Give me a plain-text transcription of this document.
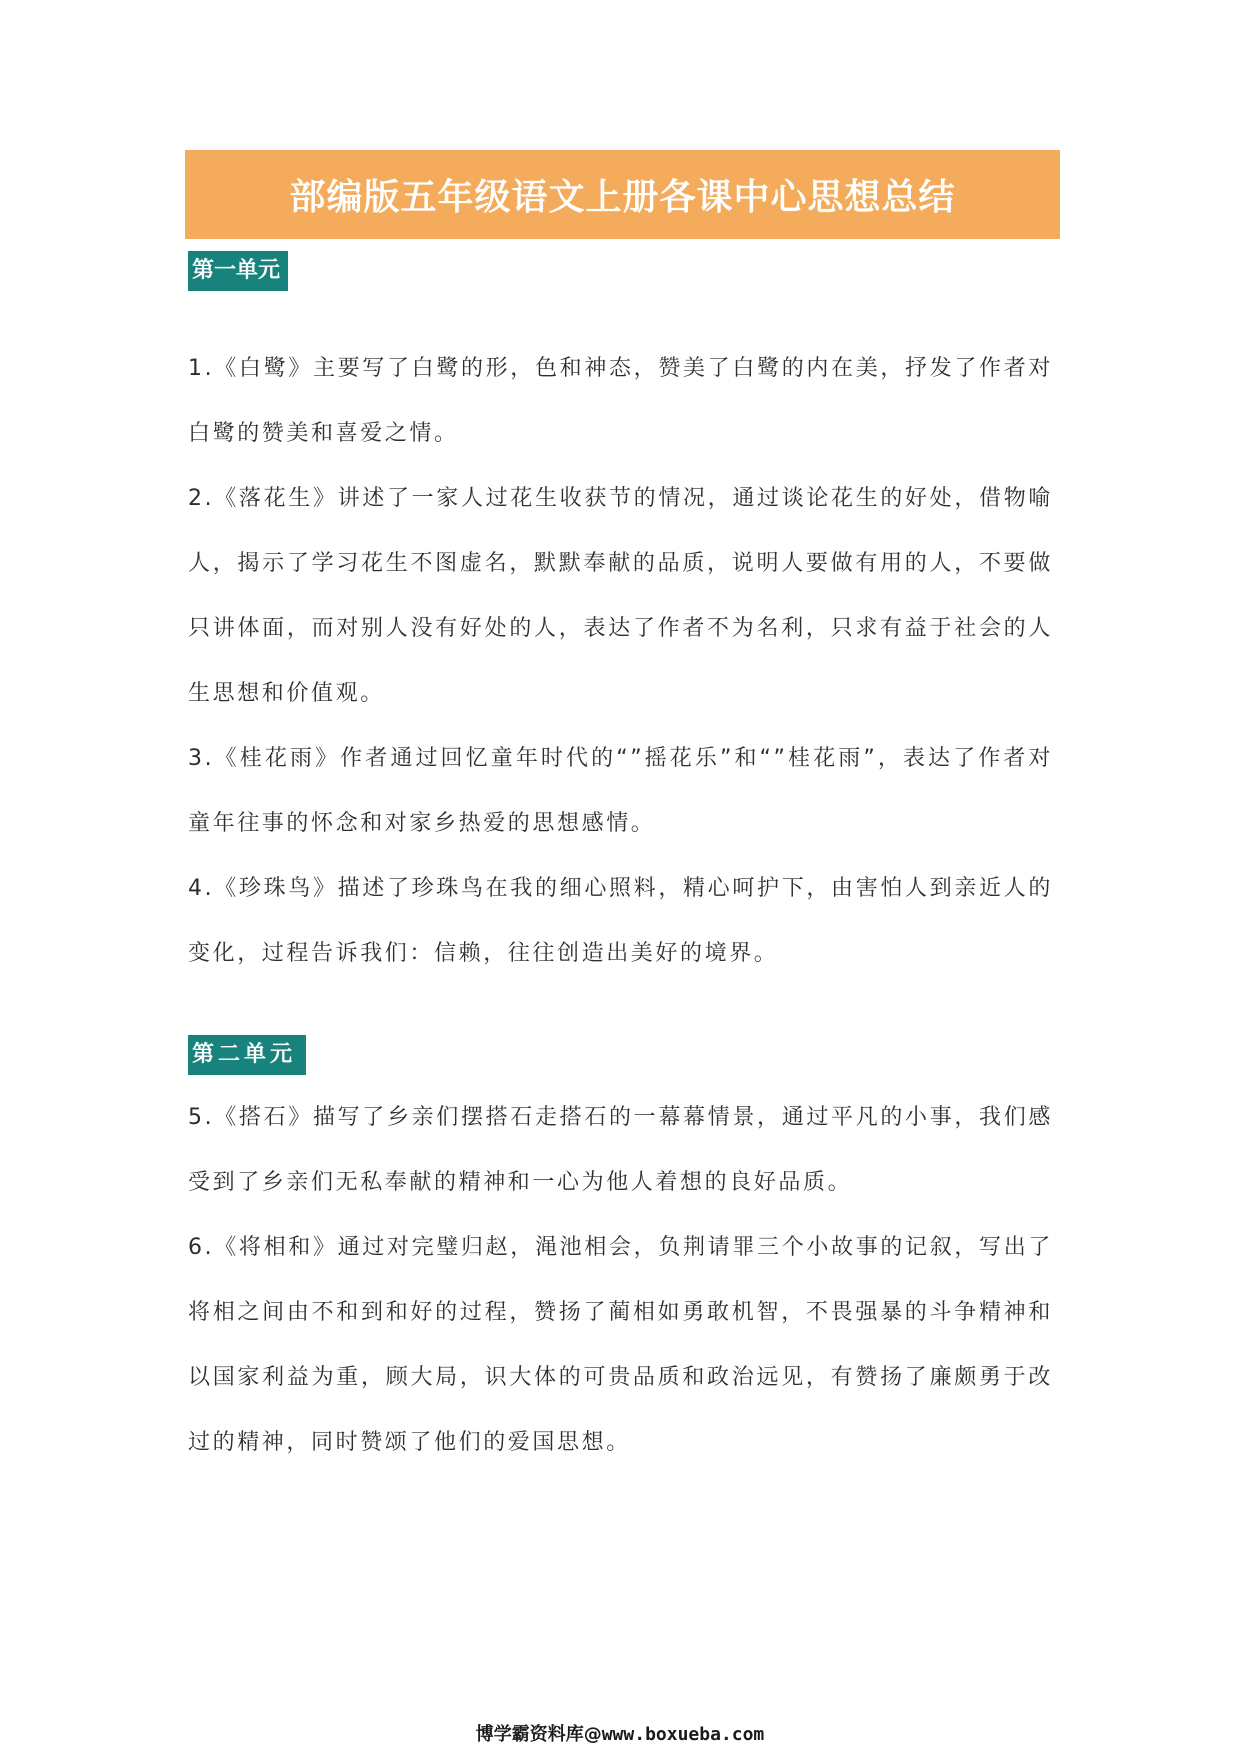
部编版五年级语文上册各课中心思想总结
第一单元

1.《白鹭》主要写了白鹭的形，色和神态，赞美了白鹭的内在美，抒发了作者对白鹭的赞美和喜爱之情。

2.《落花生》讲述了一家人过花生收获节的情况，通过谈论花生的好处，借物喻人，揭示了学习花生不图虚名，默默奉献的品质，说明人要做有用的人，不要做只讲体面，而对别人没有好处的人，表达了作者不为名利，只求有益于社会的人生思想和价值观。

3.《桂花雨》作者通过回忆童年时代的“”摇花乐”和“”桂花雨”，表达了作者对童年往事的怀念和对家乡热爱的思想感情。

4.《珍珠鸟》描述了珍珠鸟在我的细心照料，精心呵护下，由害怕人到亲近人的变化，过程告诉我们：信赖，往往创造出美好的境界。

第二单元

5.《搭石》描写了乡亲们摆搭石走搭石的一幕幕情景，通过平凡的小事，我们感受到了乡亲们无私奉献的精神和一心为他人着想的良好品质。

6.《将相和》通过对完璧归赵，渑池相会，负荆请罪三个小故事的记叙，写出了将相之间由不和到和好的过程，赞扬了蔺相如勇敢机智，不畏强暴的斗争精神和以国家利益为重，顾大局，识大体的可贵品质和政治远见，有赞扬了廉颇勇于改过的精神，同时赞颂了他们的爱国思想。

博学霸资料库@www.boxueba.com
